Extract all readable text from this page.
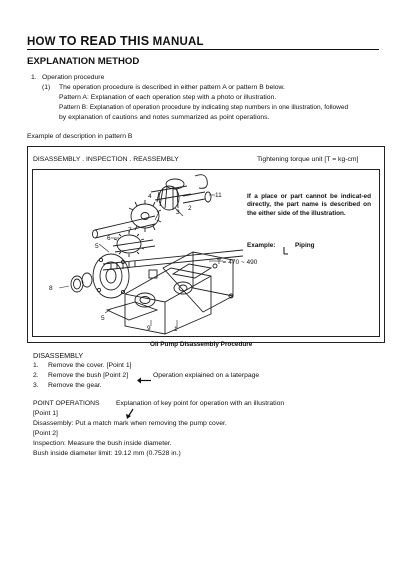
HOW TO READ THIS MANUAL
EXPLANATION METHOD
1. Operation procedure
(1) The operation procedure is described in either pattern A or pattern B below.
Pattern A: Explanation of each operation step with a photo or illustration.
Pattern B: Explanation of operation procedure by indicating step numbers in one illustration, followed
by explanation of cautions and notes summarized as point operations.
Example of description in pattern B
DISASSEMBLY . INSPECTION . REASSEMBLY	Tightening torque unit [T = kg-cm]
4
3
2
11
7
6
5
8
5
9	1
T = 470 ~ 490
If a place or part cannot be indicat-ed directly, the part name is described on the either side of the illustration.
Example:	Piping
Oil Pump Disassembly Procedure
DISASSEMBLY
1. Remove the cover. [Point 1]
2. Remove the bush [Point 2]	Operation explained on a laterpage
3. Remove the gear.
POINT OPERATIONS Explanation of key point for operation with an illustration
[Point 1]
Disassembly: Put a match mark when removing the pump cover.
[Point 2]
Inspection: Measure the bush inside diameter.
Bush inside diameter limit: 19.12 mm (0.7528 in.)
